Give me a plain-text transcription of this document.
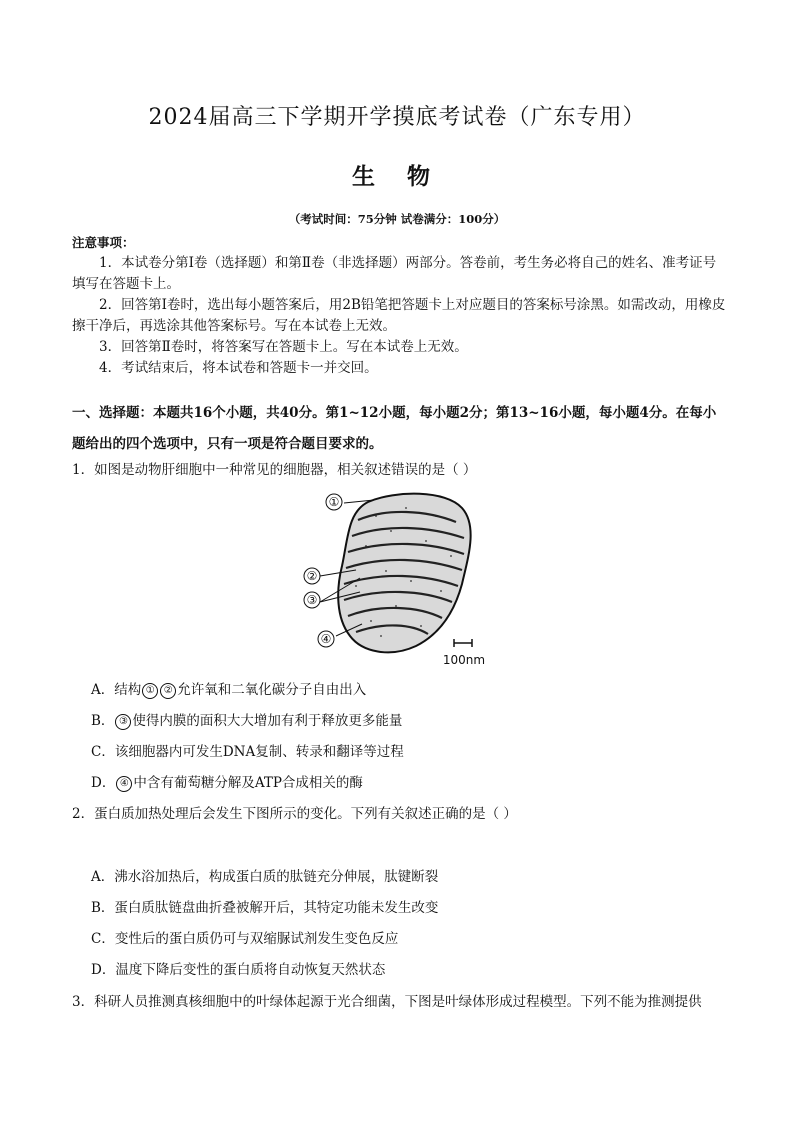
2024届高三下学期开学摸底考试卷（广东专用）
生 物
（考试时间：75分钟 试卷满分：100分）
注意事项：
1．本试卷分第Ⅰ卷（选择题）和第Ⅱ卷（非选择题）两部分。答卷前，考生务必将自己的姓名、准考证号填写在答题卡上。
2．回答第Ⅰ卷时，选出每小题答案后，用2B铅笔把答题卡上对应题目的答案标号涂黑。如需改动，用橡皮擦干净后，再选涂其他答案标号。写在本试卷上无效。
3．回答第Ⅱ卷时，将答案写在答题卡上。写在本试卷上无效。
4．考试结束后，将本试卷和答题卡一并交回。
一、选择题：本题共16个小题，共40分。第1~12小题，每小题2分；第13~16小题，每小题4分。在每小题给出的四个选项中，只有一项是符合题目要求的。
1．如图是动物肝细胞中一种常见的细胞器，相关叙述错误的是（ ）
①
②
③
④
100nm
A．结构 ① ② 允许氧和二氧化碳分子自由出入
B． ③ 使得内膜的面积大大增加有利于释放更多能量
C．该细胞器内可发生DNA复制、转录和翻译等过程
D． ④ 中含有葡萄糖分解及ATP合成相关的酶
2．蛋白质加热处理后会发生下图所示的变化。下列有关叙述正确的是（ ）
A．沸水浴加热后，构成蛋白质的肽链充分伸展，肽键断裂
B．蛋白质肽链盘曲折叠被解开后，其特定功能未发生改变
C．变性后的蛋白质仍可与双缩脲试剂发生变色反应
D．温度下降后变性的蛋白质将自动恢复天然状态
3．科研人员推测真核细胞中的叶绿体起源于光合细菌，下图是叶绿体形成过程模型。下列不能为推测提供
